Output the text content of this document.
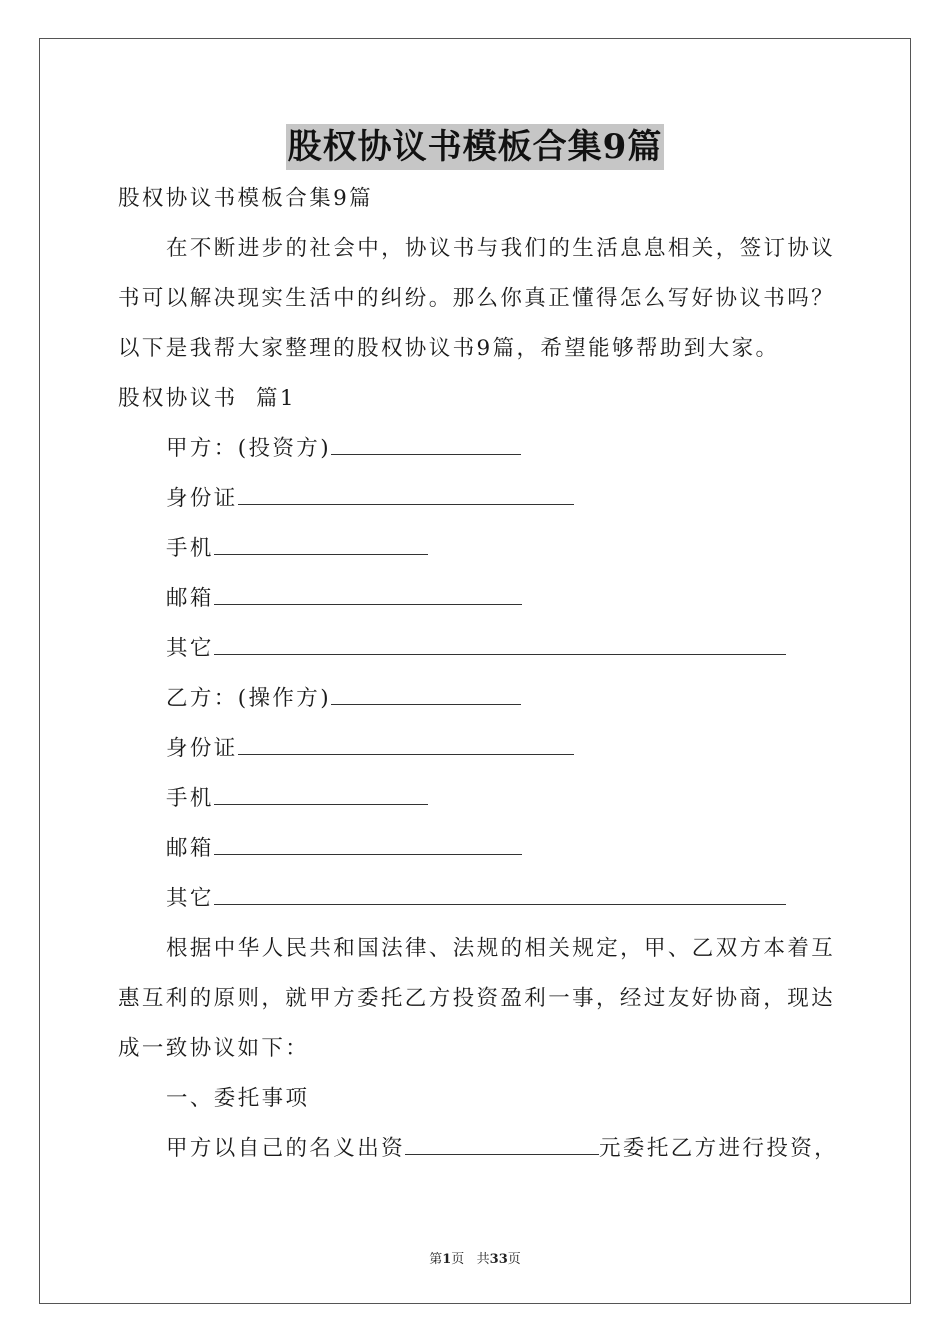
股权协议书模板合集9篇
股权协议书模板合集9篇
在不断进步的社会中，协议书与我们的生活息息相关，签订协议
书可以解决现实生活中的纠纷。那么你真正懂得怎么写好协议书吗？
以下是我帮大家整理的股权协议书9篇，希望能够帮助到大家。
股权协议书  篇1
甲方：(投资方)
身份证
手机
邮箱
其它
乙方：(操作方)
身份证
手机
邮箱
其它
根据中华人民共和国法律、法规的相关规定，甲、乙双方本着互
惠互利的原则，就甲方委托乙方投资盈利一事，经过友好协商，现达
成一致协议如下：
一、委托事项
甲方以自己的名义出资	元委托乙方进行投资，
第1页   共33页
